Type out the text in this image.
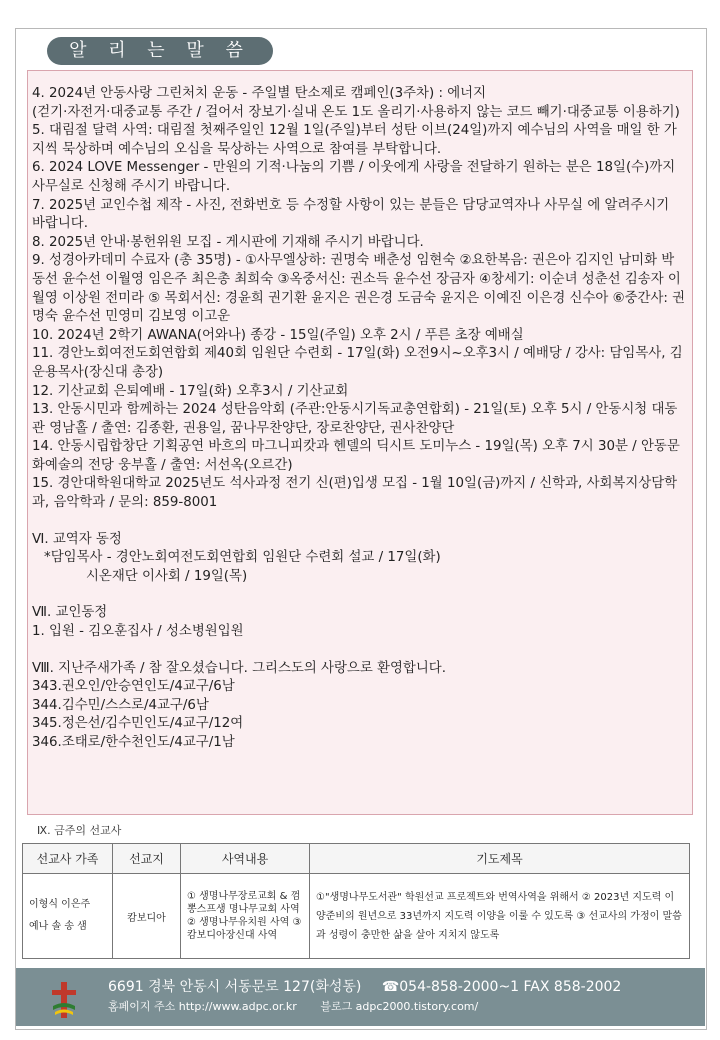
알 리 는 말 씀

4. 2024년 안동사랑 그린처치 운동 - 주일별 탄소제로 캠페인(3주차) : 에너지

(걷기·자전거·대중교통 주간 / 걸어서 장보기·실내 온도 1도 올리기·사용하지 않는 코드 빼기·대중교통 이용하기)

5. 대림절 달력 사역: 대림절 첫째주일인 12월 1일(주일)부터 성탄 이브(24일)까지 예수님의 사역을 매일 한 가지씩 묵상하며 예수님의 오심을 묵상하는 사역으로 참여를 부탁합니다.

6. 2024 LOVE Messenger - 만원의 기적·나눔의 기쁨 / 이웃에게 사랑을 전달하기 원하는 분은 18일(수)까지 사무실로 신청해 주시기 바랍니다.

7. 2025년 교인수첩 제작 - 사진, 전화번호 등 수정할 사항이 있는 분들은 담당교역자나 사무실 에 알려주시기 바랍니다.

8. 2025년 안내·봉헌위원 모집 - 게시판에 기재해 주시기 바랍니다.

9. 성경아카데미 수료자 (총 35명) - ①사무엘상하: 권명숙 배춘성 임현숙 ②요한복음: 권은아 김지인 남미화 박동선 윤수선 이월영 임은주 최은총 최희숙 ③옥중서신: 권소득 윤수선 장금자 ④창세기: 이순녀 성춘선 김송자 이월영 이상원 전미라 ⑤ 목회서신: 경윤희 권기환 윤지은 권은경 도금숙 윤지은 이예진 이은경 신수아 ⑥중간사: 권명숙 윤수선 민영미 김보영 이고운

10. 2024년 2학기 AWANA(어와나) 종강 - 15일(주일) 오후 2시 / 푸른 초장 예배실

11. 경안노회여전도회연합회 제40회 임원단 수련회 - 17일(화) 오전9시~오후3시 / 예배당 / 강사: 담임목사, 김운용목사(장신대 총장)

12. 기산교회 은퇴예배 - 17일(화) 오후3시 / 기산교회

13. 안동시민과 함께하는 2024 성탄음악회 (주관:안동시기독교총연합회) - 21일(토) 오후 5시 / 안동시청 대동관 영남홀 / 출연: 김종환, 권용일, 꿈나무찬양단, 장로찬양단, 권사찬양단

14. 안동시립합창단 기획공연 바흐의 마그니피캇과 헨델의 딕시트 도미누스 - 19일(목) 오후 7시 30분 / 안동문화예술의 전당 웅부홀 / 출연: 서선옥(오르간)

15. 경안대학원대학교 2025년도 석사과정 전기 신(편)입생 모집 - 1월 10일(금)까지 / 신학과, 사회복지상담학과, 음악학과 / 문의: 859-8001

Ⅵ. 교역자 동정

*담임목사 - 경안노회여전도회연합회 임원단 수련회 설교 / 17일(화)

시온재단 이사회 / 19일(목)

Ⅶ. 교인동정

1. 입원 - 김오훈집사 / 성소병원입원

Ⅷ. 지난주새가족 / 참 잘오셨습니다. 그리스도의 사랑으로 환영합니다.

343.권오인/안승연인도/4교구/6남

344.김수민/스스로/4교구/6남

345.정은선/김수민인도/4교구/12여

346.조태로/한수천인도/4교구/1남

Ⅸ. 금주의 선교사
선교사 가족	선교지	사역내용	기도제목

이형식 이은주
예나 솔 송 샘	캄보디아	① 생명나무장로교회 & 껌뽕스프생 명나무교회 사역 ② 생명나무유치원 사역 ③ 캄보디아장신대 사역	①"생명나무도서관" 학원선교 프로젝트와 번역사역을 위해서 ② 2023년 지도력 이양준비의 원년으로 33년까지 지도력 이양을 이룰 수 있도록 ③ 선교사의 가정이 말씀과 성령이 충만한 삶을 살아 지치지 않도록
6691 경북 안동시 서동문로 127(화성동) ☎054-858-2000~1 FAX 858-2002
홈페이지 주소 http://www.adpc.or.kr 블로그 adpc2000.tistory.com/
